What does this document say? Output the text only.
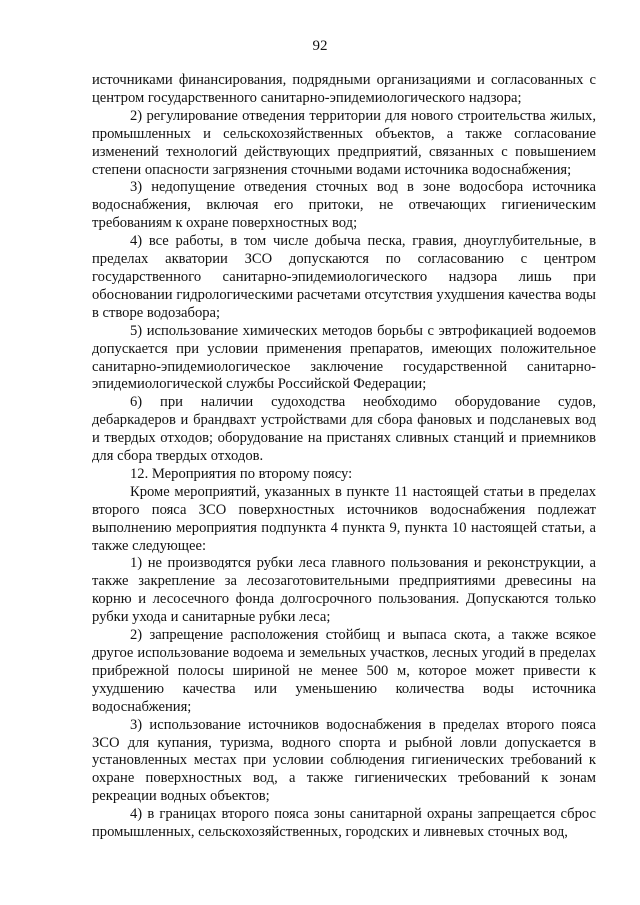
92

источниками финансирования, подрядными организациями и согласованных с центром государственного санитарно-эпидемиологического надзора;

2) регулирование отведения территории для нового строительства жилых, промышленных и сельскохозяйственных объектов, а также согласование изменений технологий действующих предприятий, связанных с повышением степени опасности загрязнения сточными водами источника водоснабжения;

3) недопущение отведения сточных вод в зоне водосбора источника водоснабжения, включая его притоки, не отвечающих гигиеническим требованиям к охране поверхностных вод;

4) все работы, в том числе добыча песка, гравия, дноуглубительные, в пределах акватории ЗСО допускаются по согласованию с центром государственного санитарно-эпидемиологического надзора лишь при обосновании гидрологическими расчетами отсутствия ухудшения качества воды в створе водозабора;

5) использование химических методов борьбы с эвтрофикацией водоемов допускается при условии применения препаратов, имеющих положительное санитарно-эпидемиологическое заключение государственной санитарно-эпидемиологической службы Российской Федерации;

6) при наличии судоходства необходимо оборудование судов, дебаркадеров и брандвахт устройствами для сбора фановых и подсланевых вод и твердых отходов; оборудование на пристанях сливных станций и приемников для сбора твердых отходов.

12. Мероприятия по второму поясу:

Кроме мероприятий, указанных в пункте 11 настоящей статьи в пределах второго пояса ЗСО поверхностных источников водоснабжения подлежат выполнению мероприятия подпункта 4 пункта 9, пункта 10 настоящей статьи, а также следующее:

1) не производятся рубки леса главного пользования и реконструкции, а также закрепление за лесозаготовительными предприятиями древесины на корню и лесосечного фонда долгосрочного пользования. Допускаются только рубки ухода и санитарные рубки леса;

2) запрещение расположения стойбищ и выпаса скота, а также всякое другое использование водоема и земельных участков, лесных угодий в пределах прибрежной полосы шириной не менее 500 м, которое может привести к ухудшению качества или уменьшению количества воды источника водоснабжения;

3) использование источников водоснабжения в пределах второго пояса ЗСО для купания, туризма, водного спорта и рыбной ловли допускается в установленных местах при условии соблюдения гигиенических требований к охране поверхностных вод, а также гигиенических требований к зонам рекреации водных объектов;

4) в границах второго пояса зоны санитарной охраны запрещается сброс промышленных, сельскохозяйственных, городских и ливневых сточных вод,
